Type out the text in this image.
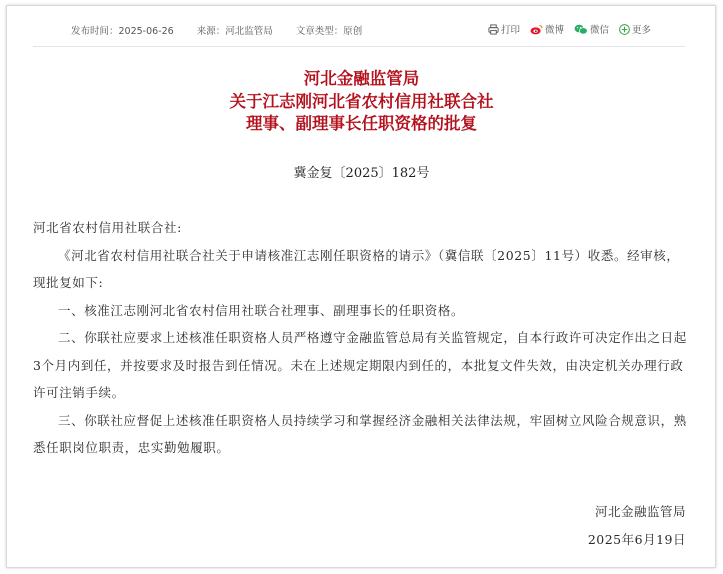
发布时间：2025-06-26 来源：河北监管局 文章类型：原创	打印	微博	微信 更多
河北金融监管局
关于江志刚河北省农村信用社联合社
理事、副理事长任职资格的批复
冀金复〔2025〕182号

河北省农村信用社联合社:

《河北省农村信用社联合社关于申请核准江志刚任职资格的请示》（冀信联〔2025〕11号）收悉。经审核，现批复如下:

一、核准江志刚河北省农村信用社联合社理事、副理事长的任职资格。

二、你联社应要求上述核准任职资格人员严格遵守金融监管总局有关监管规定，自本行政许可决定作出之日起3个月内到任，并按要求及时报告到任情况。未在上述规定期限内到任的，本批复文件失效，由决定机关办理行政许可注销手续。

三、你联社应督促上述核准任职资格人员持续学习和掌握经济金融相关法律法规，牢固树立风险合规意识，熟悉任职岗位职责，忠实勤勉履职。

河北金融监管局
2025年6月19日
